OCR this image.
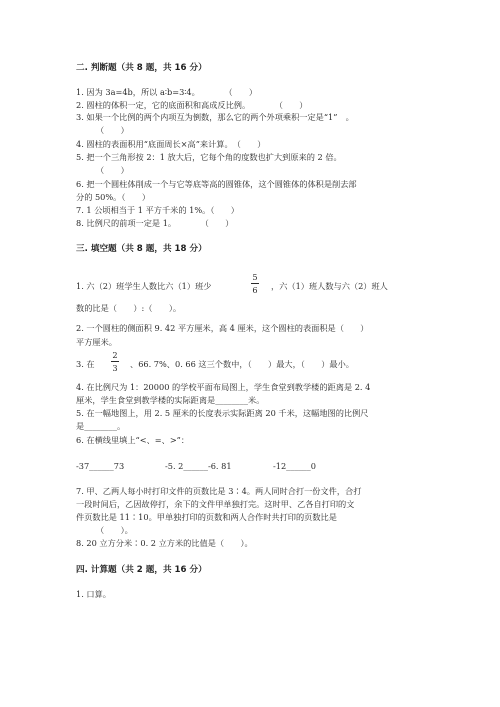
二. 判断题（共 8 题，共 16 分）
1. 因为 3a=4b，所以 a∶b=3∶4。　　　　（　　）
2. 圆柱的体积一定，它的底面积和高成反比例。　　　　（　　）
3. 如果一个比例的两个内项互为倒数，那么它的两个外项乘积一定是“1”　。
（　　）
4. 圆柱的表面积用“底面周长×高”来计算。　（　　）
5. 把一个三角形按 2：1 放大后，它每个角的度数也扩大到原来的 2 倍。
（　　）
6. 把一个圆柱体削成一个与它等底等高的圆锥体，这个圆锥体的体积是削去部
分的 50%。（　　）
7. 1 公顷相当于 1 平方千米的 1%。（　　）
8. 比例尺的前项一定是 1。　　　　（　　）
三. 填空题（共 8 题，共 18 分）
1. 六（2）班学生人数比六（1）班少
5
6 ，六（1）班人数与六（2）班人
数的比是（　　）:（　　）。
2. 一个圆柱的侧面积 9. 42 平方厘米，高 4 厘米，这个圆柱的表面积是（　　）
平方厘米。
3. 在
2
3 、66. 7%、0. 66 这三个数中，（　　）最大，（　　）最小。
4. 在比例尺为 1：20000 的学校平面布局图上，学生食堂到教学楼的距离是 2. 4
厘米，学生食堂到教学楼的实际距离是________米。
5. 在一幅地图上，用 2. 5 厘米的长度表示实际距离 20 千米，这幅地图的比例尺
是________。
6. 在横线里填上“<、=、>”：
-37______73	-5. 2______-6. 81	-12______0
7. 甲、乙两人每小时打印文件的页数比是 3∶4。两人同时合打一份文件，合打
一段时间后，乙因故停打，余下的文件甲单独打完。这时甲、乙各自打印的文
件页数比是 11∶10。甲单独打印的页数和两人合作时共打印的页数比是
（　　）。
8. 20 立方分米∶0. 2 立方米的比值是（　　）。
四. 计算题（共 2 题，共 16 分）
1. 口算。
